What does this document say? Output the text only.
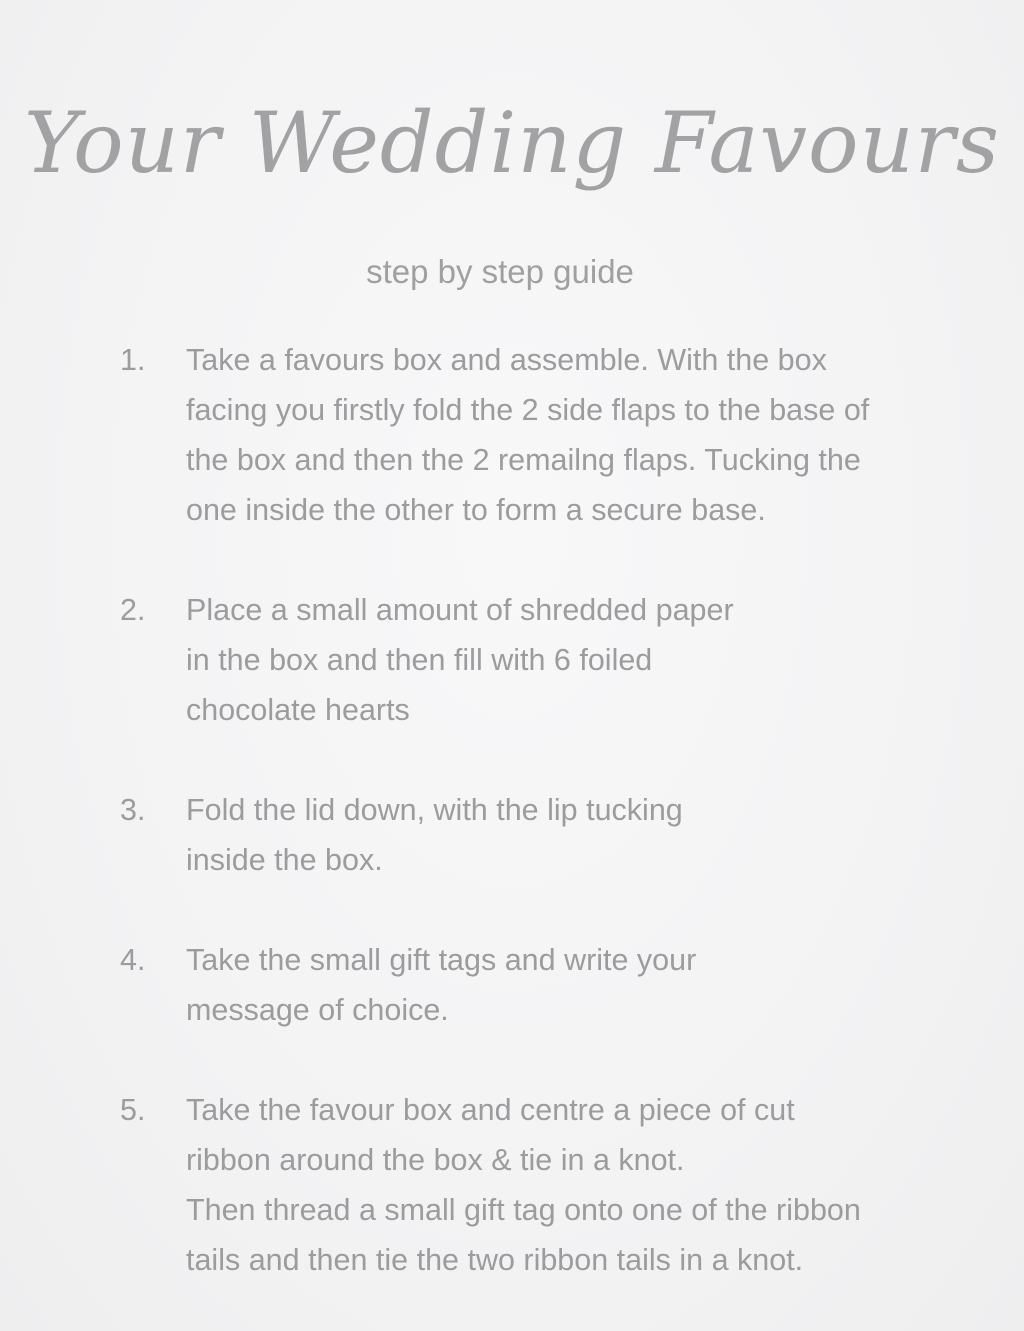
Your Wedding Favours
step by step guide
1.	Take a favours box and assemble. With the box
facing you firstly fold the 2 side flaps to the base of
the box and then the 2 remailng flaps. Tucking the
one inside the other to form a secure base.
2.	Place a small amount of shredded paper
in the box and then fill with 6 foiled
chocolate hearts
3.	Fold the lid down, with the lip tucking
inside the box.
4.	Take the small gift tags and write your
message of choice.
5.	Take the favour box and centre a piece of cut
ribbon around the box & tie in a knot.
Then thread a small gift tag onto one of the ribbon
tails and then tie the two ribbon tails in a knot.
